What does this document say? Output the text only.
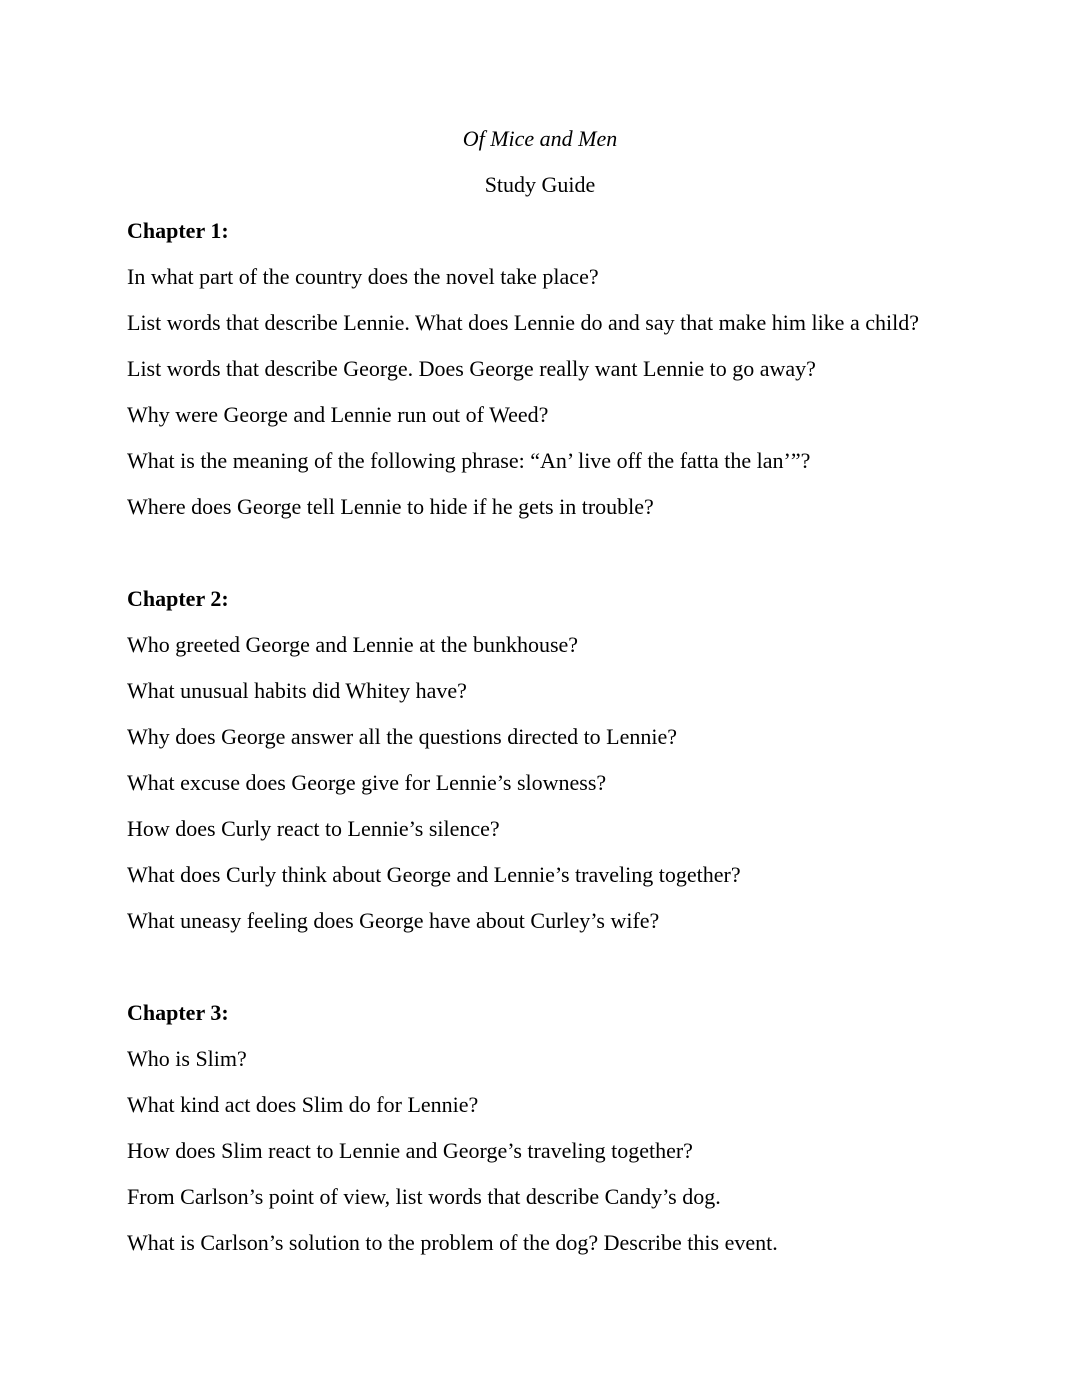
Of Mice and Men

Study Guide

Chapter 1:

In what part of the country does the novel take place?

List words that describe Lennie. What does Lennie do and say that make him like a child?

List words that describe George. Does George really want Lennie to go away?

Why were George and Lennie run out of Weed?

What is the meaning of the following phrase: “An’ live off the fatta the lan’”?

Where does George tell Lennie to hide if he gets in trouble?

Chapter 2:

Who greeted George and Lennie at the bunkhouse?

What unusual habits did Whitey have?

Why does George answer all the questions directed to Lennie?

What excuse does George give for Lennie’s slowness?

How does Curly react to Lennie’s silence?

What does Curly think about George and Lennie’s traveling together?

What uneasy feeling does George have about Curley’s wife?

Chapter 3:

Who is Slim?

What kind act does Slim do for Lennie?

How does Slim react to Lennie and George’s traveling together?

From Carlson’s point of view, list words that describe Candy’s dog.

What is Carlson’s solution to the problem of the dog? Describe this event.
